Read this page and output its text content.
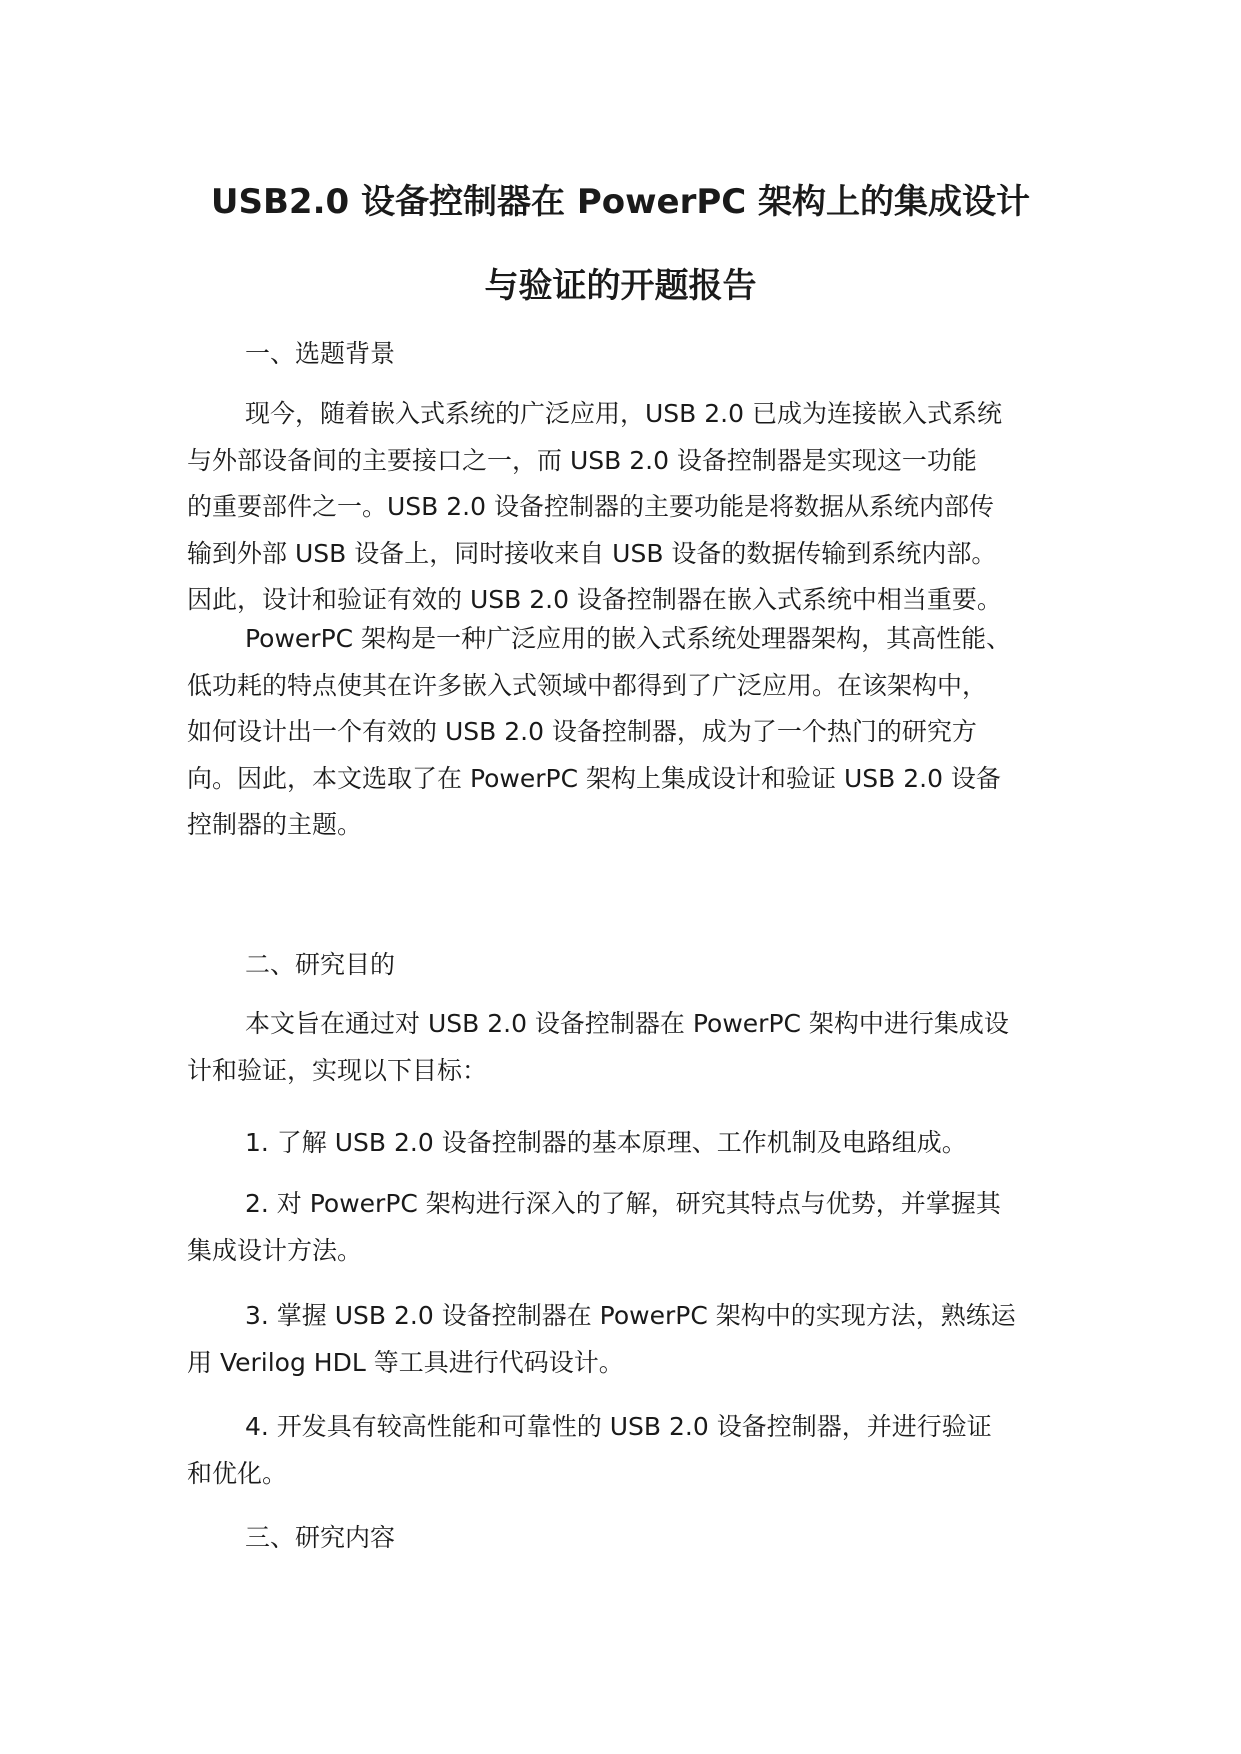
USB2.0 设备控制器在 PowerPC 架构上的集成设计
与验证的开题报告
一、选题背景
现今，随着嵌入式系统的广泛应用，USB 2.0 已成为连接嵌入式系统
与外部设备间的主要接口之一，而 USB 2.0 设备控制器是实现这一功能
的重要部件之一。USB 2.0 设备控制器的主要功能是将数据从系统内部传
输到外部 USB 设备上，同时接收来自 USB 设备的数据传输到系统内部。
因此，设计和验证有效的 USB 2.0 设备控制器在嵌入式系统中相当重要。
PowerPC 架构是一种广泛应用的嵌入式系统处理器架构，其高性能、
低功耗的特点使其在许多嵌入式领域中都得到了广泛应用。在该架构中，
如何设计出一个有效的 USB 2.0 设备控制器，成为了一个热门的研究方
向。因此，本文选取了在 PowerPC 架构上集成设计和验证 USB 2.0 设备
控制器的主题。
二、研究目的
本文旨在通过对 USB 2.0 设备控制器在 PowerPC 架构中进行集成设
计和验证，实现以下目标：
1. 了解 USB 2.0 设备控制器的基本原理、工作机制及电路组成。
2. 对 PowerPC 架构进行深入的了解，研究其特点与优势，并掌握其
集成设计方法。
3. 掌握 USB 2.0 设备控制器在 PowerPC 架构中的实现方法，熟练运
用 Verilog HDL 等工具进行代码设计。
4. 开发具有较高性能和可靠性的 USB 2.0 设备控制器，并进行验证
和优化。
三、研究内容
